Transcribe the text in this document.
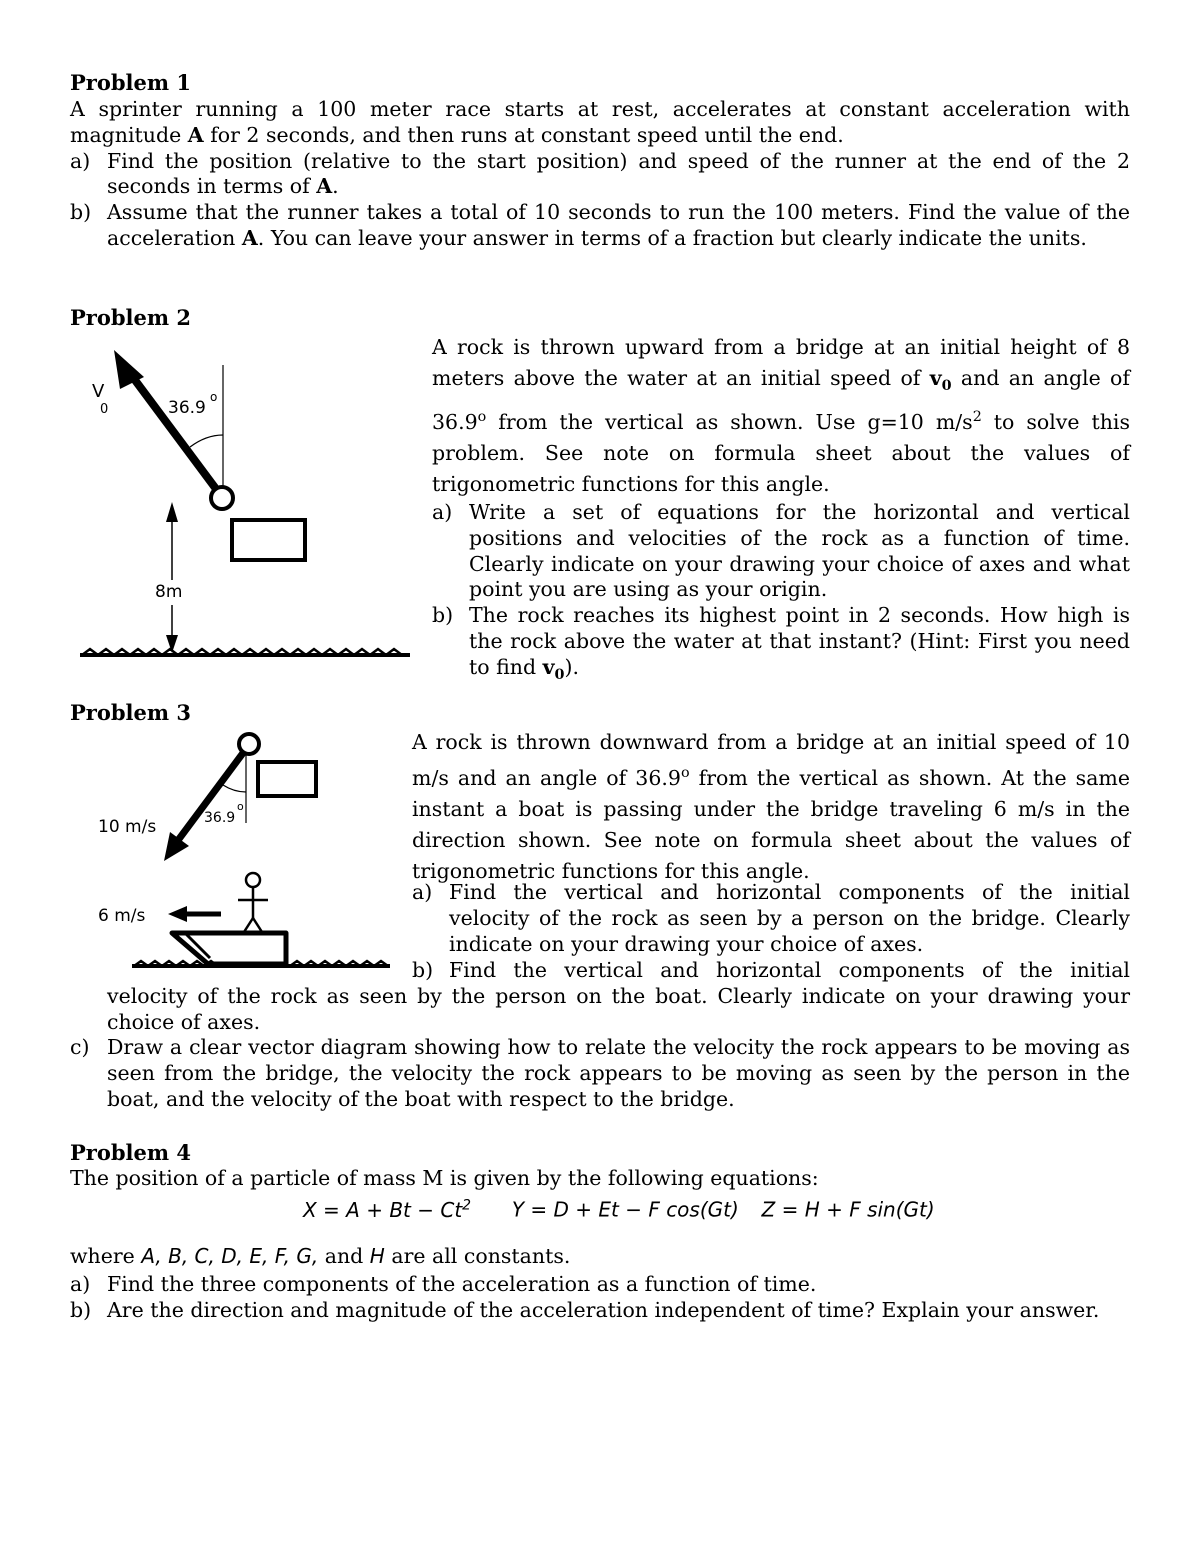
Problem 1
A sprinter running a 100 meter race starts at rest, accelerates at constant acceleration with magnitude A for 2 seconds, and then runs at constant speed until the end.
a) Find the position (relative to the start position) and speed of the runner at the end of the 2 seconds in terms of A.
b) Assume that the runner takes a total of 10 seconds to run the 100 meters. Find the value of the acceleration A. You can leave your answer in terms of a fraction but clearly indicate the units.
Problem 2
V
0	36.9
o
8m
A rock is thrown upward from a bridge at an initial height of 8 meters above the water at an initial speed of $v_0$ and an angle of 36.9$^o$ from the vertical as shown. Use g=10 $m/s^2$ to solve this problem. See note on formula sheet about the values of trigonometric functions for this angle.
a) Write a set of equations for the horizontal and vertical positions and velocities of the rock as a function of time. Clearly indicate on your drawing your choice of axes and what point you are using as your origin.
b) The rock reaches its highest point in 2 seconds. How high is the rock above the water at that instant? (Hint: First you need to find $v_0$).
Problem 3
10 m/s	36.9
o
6 m/s
A rock is thrown downward from a bridge at an initial speed of 10 m/s and an angle of 36.9$^o$ from the vertical as shown. At the same instant a boat is passing under the bridge traveling 6 m/s in the direction shown. See note on formula sheet about the values of trigonometric functions for this angle.
a) Find the vertical and horizontal components of the initial velocity of the rock as seen by a person on the bridge. Clearly indicate on your drawing your choice of axes.
b) Find the vertical and horizontal components of the initial velocity of the rock as seen by the person on the boat. Clearly indicate on your drawing your choice of axes.
c) Draw a clear vector diagram showing how to relate the velocity the rock appears to be moving as seen from the bridge, the velocity the rock appears to be moving as seen by the person in the boat, and the velocity of the boat with respect to the bridge.
Problem 4
The position of a particle of mass M is given by the following equations:
$X = A + Bt - Ct^2$ Y = D + Et − F cos(Gt) Z = H + F sin(Gt)
where A, B, C, D, E, F, G, and H are all constants.
a) Find the three components of the acceleration as a function of time.
b) Are the direction and magnitude of the acceleration independent of time? Explain your answer.
